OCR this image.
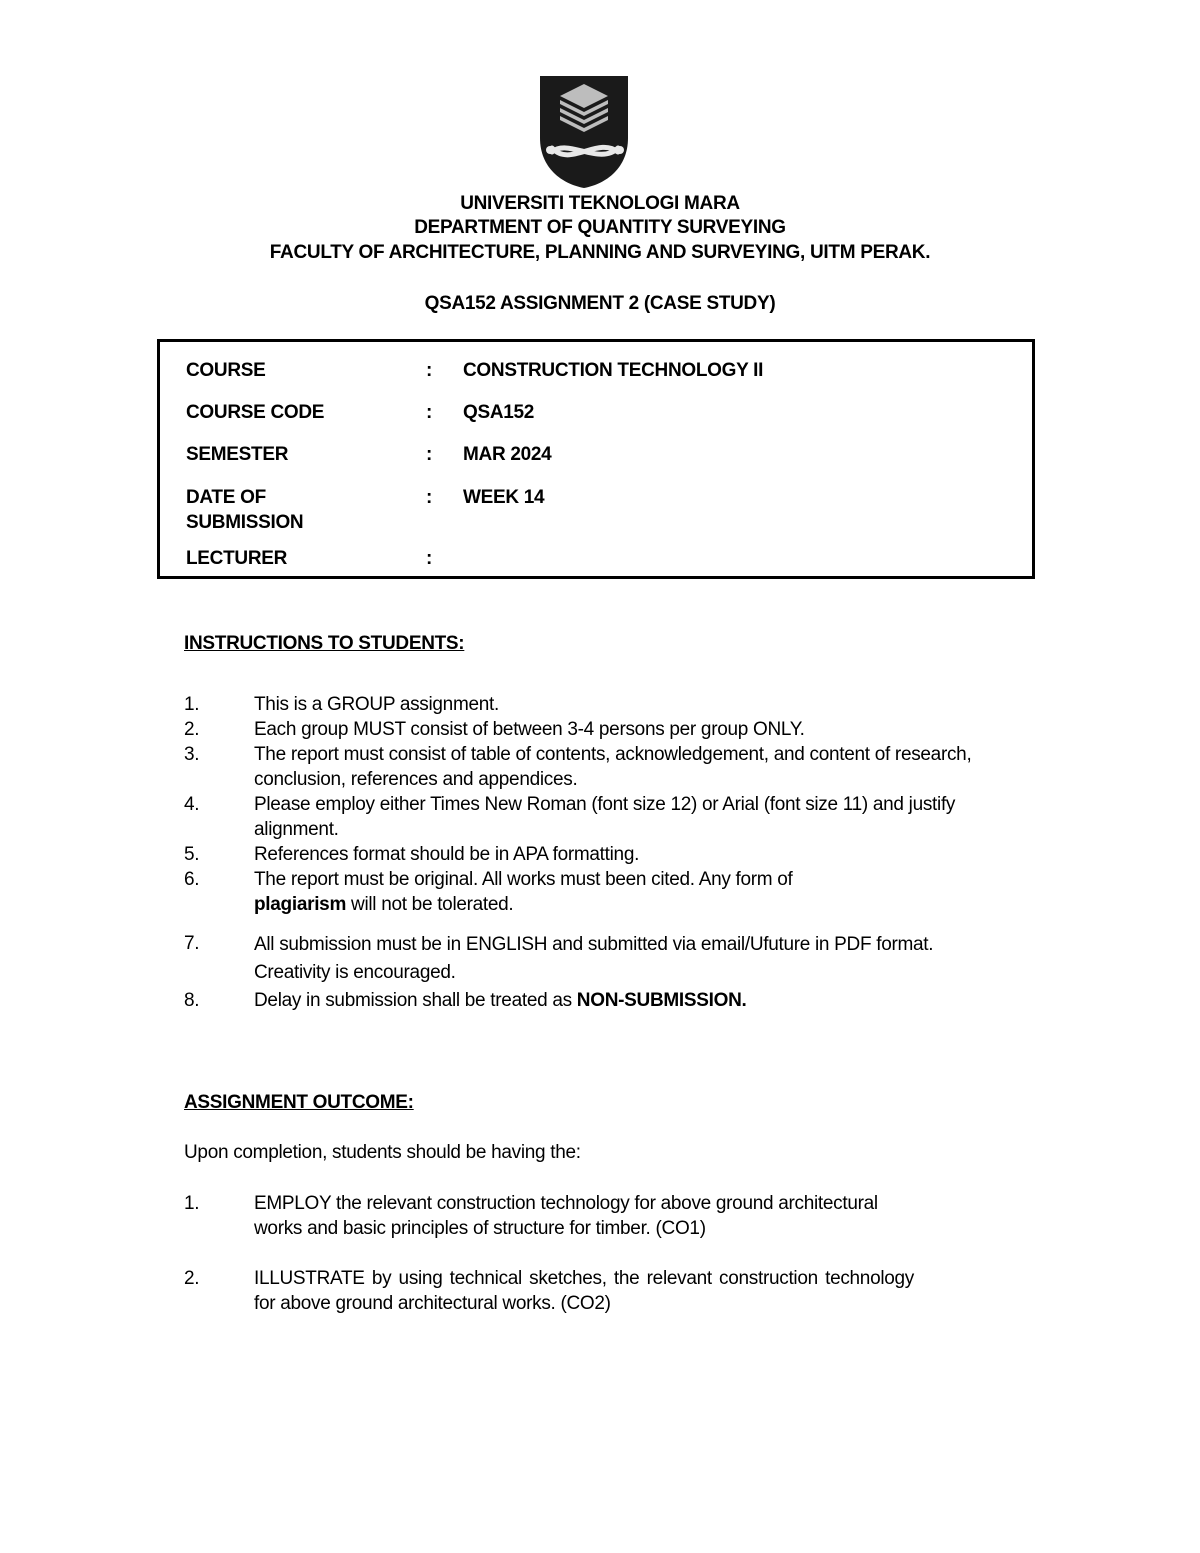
UNIVERSITI TEKNOLOGI MARA
DEPARTMENT OF QUANTITY SURVEYING
FACULTY OF ARCHITECTURE, PLANNING AND SURVEYING, UITM PERAK.
QSA152 ASSIGNMENT 2 (CASE STUDY)
COURSE	: CONSTRUCTION TECHNOLOGY II
COURSE CODE	: QSA152
SEMESTER	: MAR 2024
DATE OF
SUBMISSION
: WEEK 14
LECTURER	:
INSTRUCTIONS TO STUDENTS:
1.	This is a GROUP assignment.
2.	Each group MUST consist of between 3-4 persons per group ONLY.
3.	The report must consist of table of contents, acknowledgement, and content of research, conclusion, references and appendices.
4.	Please employ either Times New Roman (font size 12) or Arial (font size 11) and justify alignment.
5.	References format should be in APA formatting.
6.	The report must be original. All works must been cited. Any form of
plagiarism will not be tolerated.
7.	All submission must be in ENGLISH and submitted via email/Ufuture in PDF format. Creativity is encouraged.
8.	Delay in submission shall be treated as NON-SUBMISSION.
ASSIGNMENT OUTCOME:
Upon completion, students should be having the:
1.	EMPLOY the relevant construction technology for above ground architectural works and basic principles of structure for timber. (CO1)
2.	ILLUSTRATE by using technical sketches, the relevant construction technology for above ground architectural works. (CO2)
